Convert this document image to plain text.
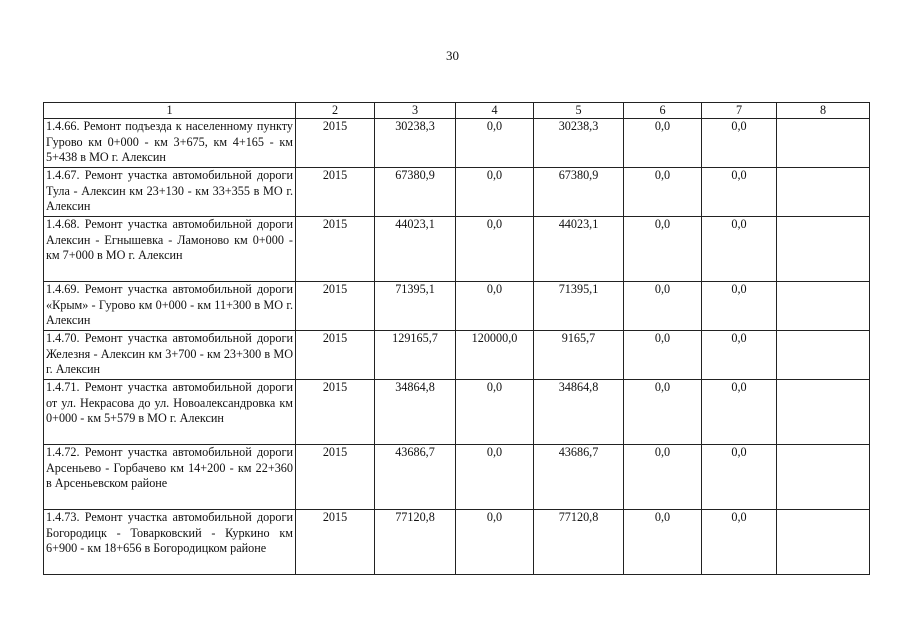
30
1	2	3	4	5	6	7	8
1.4.66. Ремонт подъезда к населенному пункту Гурово км 0+000 - км 3+675, км 4+165 - км 5+438 в МО г. Алексин	2015	30238,3	0,0	30238,3	0,0	0,0	
1.4.67. Ремонт участка автомобильной дороги Тула - Алексин км 23+130 - км 33+355 в МО г. Алексин	2015	67380,9	0,0	67380,9	0,0	0,0	
1.4.68. Ремонт участка автомобильной дороги Алексин - Егнышевка - Ламоново км 0+000 - км 7+000 в МО г. Алексин	2015	44023,1	0,0	44023,1	0,0	0,0	
1.4.69. Ремонт участка автомобильной дороги «Крым» - Гурово км 0+000 - км 11+300 в МО г. Алексин	2015	71395,1	0,0	71395,1	0,0	0,0	
1.4.70. Ремонт участка автомобильной дороги Железня - Алексин км 3+700 - км 23+300 в МО г. Алексин	2015	129165,7	120000,0	9165,7	0,0	0,0	
1.4.71. Ремонт участка автомобильной дороги от ул. Некрасова до ул. Новоалександровка км 0+000 - км 5+579 в МО г. Алексин	2015	34864,8	0,0	34864,8	0,0	0,0	
1.4.72. Ремонт участка автомобильной дороги Арсеньево - Горбачево км 14+200 - км 22+360 в Арсеньевском районе	2015	43686,7	0,0	43686,7	0,0	0,0	
1.4.73. Ремонт участка автомобильной дороги Богородицк - Товарковский - Куркино км 6+900 - км 18+656 в Богородицком районе	2015	77120,8	0,0	77120,8	0,0	0,0	
